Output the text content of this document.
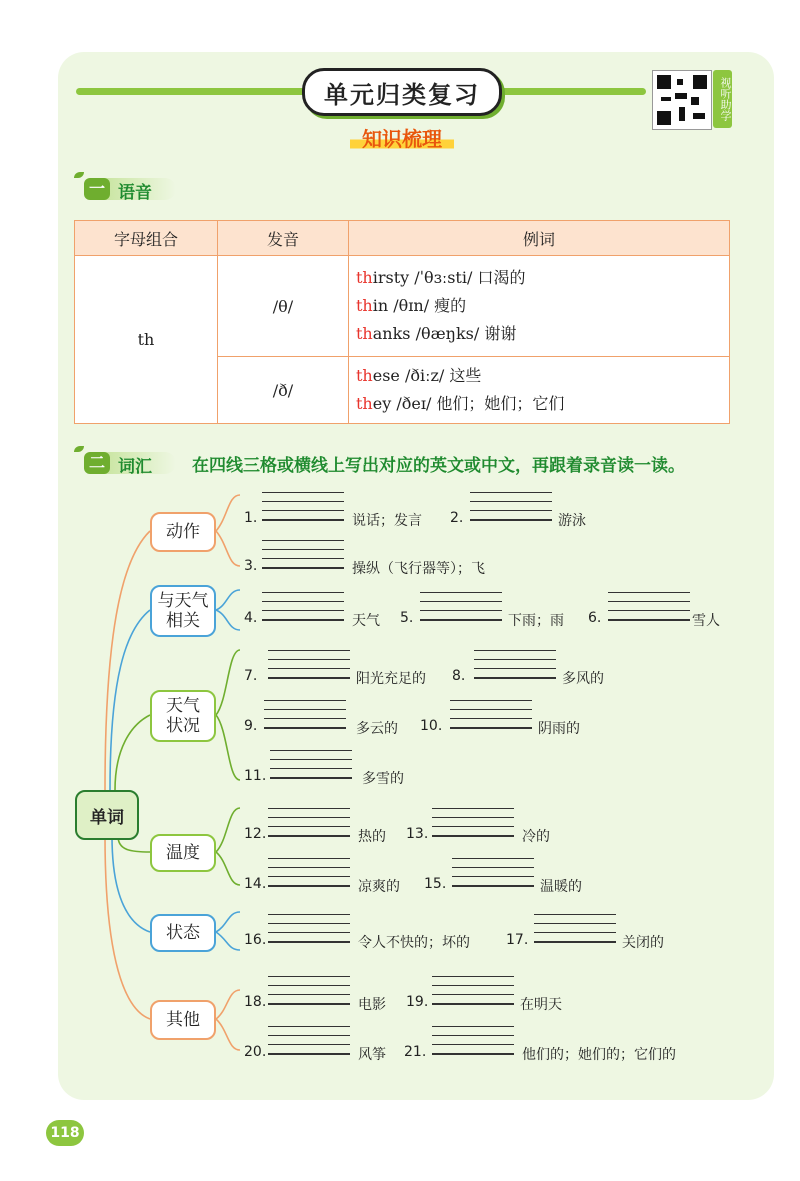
单元归类复习	视听助学
知识梳理
一 语音
字母组合	发音	例词
th	/θ/	thirsty /ˈθɜːsti/ 口渴的
thin /θɪn/ 瘦的
thanks /θæŋks/ 谢谢

	/ð/	these /ðiːz/ 这些
they /ðeɪ/ 他们；她们；它们
二 词汇 在四线三格或横线上写出对应的英文或中文，再跟着录音读一读。
单词
动作
与天气
相关
天气
状况
温度
状态
其他
1.	说话；发言 2.	游泳
3.	操纵（飞行器等）；飞
4.	天气 5.	下雨；雨 6.	雪人
7.	阳光充足的 8.	多风的
9.	多云的 10.	阴雨的
11.	多雪的
12.	热的 13.	冷的
14.	凉爽的 15.	温暖的
16.	令人不快的；坏的	17.	关闭的
18.	电影 19.	在明天
20.	风筝 21.	他们的；她们的；它们的
118
